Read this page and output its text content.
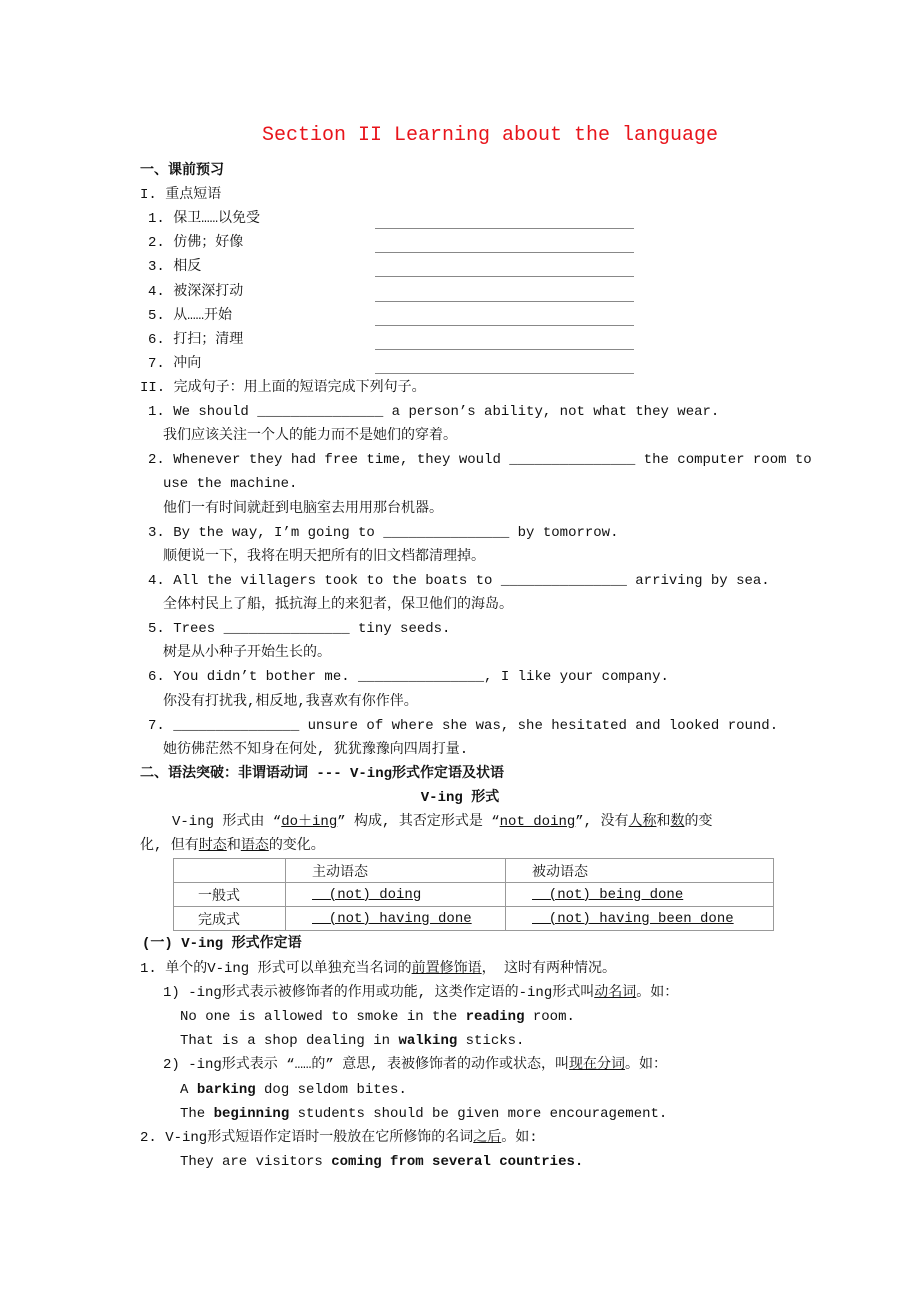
Section II Learning about the language
一、课前预习
I. 重点短语
II. 完成句子：用上面的短语完成下列句子。
二、语法突破：非谓语动词 --- V-ing形式作定语及状语
V-ing 形式
V-ing 形式由 “do＋ing” 构成, 其否定形式是 “not doing”, 没有人称和数的变
化, 但有时态和语态的变化。
	主动语态	被动语态
一般式	(not) doing	(not) being done
完成式	(not) having done	(not) having been done
(一) V-ing 形式作定语
1. 保卫……以免受
2. 仿佛；好像
3. 相反
4. 被深深打动
5. 从……开始
6. 打扫；清理
7. 冲向
1. We should _______________ a person’s ability, not what they wear.
我们应该关注一个人的能力而不是她们的穿着。
2. Whenever they had free time, they would _______________ the computer room to
use the machine.
他们一有时间就赶到电脑室去用用那台机器。
3. By the way, I’m going to _______________ by tomorrow.
顺便说一下，我将在明天把所有的旧文档都清理掉。
4. All the villagers took to the boats to _______________ arriving by sea.
全体村民上了船，抵抗海上的来犯者，保卫他们的海岛。
5. Trees _______________ tiny seeds.
树是从小种子开始生长的。
6. You didn’t bother me. _______________, I like your company.
你没有打扰我,相反地,我喜欢有你作伴。
7. _______________ unsure of where she was, she hesitated and looked round.
她彷佛茫然不知身在何处, 犹犹豫豫向四周打量.
1. 单个的V-ing 形式可以单独充当名词的前置修饰语， 这时有两种情况。
1) -ing形式表示被修饰者的作用或功能, 这类作定语的-ing形式叫动名词。如：
No one is allowed to smoke in the reading room.
That is a shop dealing in walking sticks.
2) -ing形式表示 “……的” 意思, 表被修饰者的动作或状态，叫现在分词。如：
A barking dog seldom bites.
The beginning students should be given more encouragement.
2. V-ing形式短语作定语时一般放在它所修饰的名词之后。如:
They are visitors coming from several countries.
